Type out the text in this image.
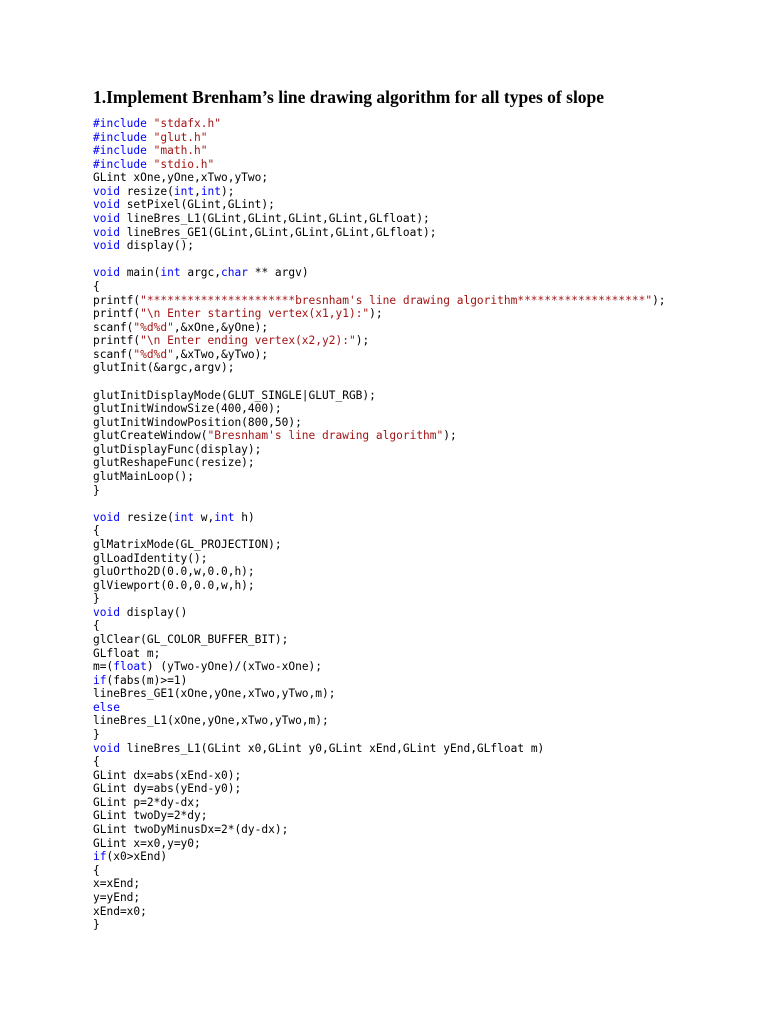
1.Implement Brenham’s line drawing algorithm for all types of slope
#include "stdafx.h"
#include "glut.h"
#include "math.h"
#include "stdio.h"
GLint xOne,yOne,xTwo,yTwo;
void resize(int,int);
void setPixel(GLint,GLint);
void lineBres_L1(GLint,GLint,GLint,GLint,GLfloat);
void lineBres_GE1(GLint,GLint,GLint,GLint,GLfloat);
void display();
void main(int argc,char ** argv)
{
printf("**********************bresnham's line drawing algorithm*******************");
printf("\n Enter starting vertex(x1,y1):");
scanf("%d%d",&xOne,&yOne);
printf("\n Enter ending vertex(x2,y2):");
scanf("%d%d",&xTwo,&yTwo);
glutInit(&argc,argv);
glutInitDisplayMode(GLUT_SINGLE|GLUT_RGB);
glutInitWindowSize(400,400);
glutInitWindowPosition(800,50);
glutCreateWindow("Bresnham's line drawing algorithm");
glutDisplayFunc(display);
glutReshapeFunc(resize);
glutMainLoop();
}
void resize(int w,int h)
{
glMatrixMode(GL_PROJECTION);
glLoadIdentity();
gluOrtho2D(0.0,w,0.0,h);
glViewport(0.0,0.0,w,h);
}
void display()
{
glClear(GL_COLOR_BUFFER_BIT);
GLfloat m;
m=(float) (yTwo-yOne)/(xTwo-xOne);
if(fabs(m)>=1)
lineBres_GE1(xOne,yOne,xTwo,yTwo,m);
else
lineBres_L1(xOne,yOne,xTwo,yTwo,m);
}
void lineBres_L1(GLint x0,GLint y0,GLint xEnd,GLint yEnd,GLfloat m)
{
GLint dx=abs(xEnd-x0);
GLint dy=abs(yEnd-y0);
GLint p=2*dy-dx;
GLint twoDy=2*dy;
GLint twoDyMinusDx=2*(dy-dx);
GLint x=x0,y=y0;
if(x0>xEnd)
{
x=xEnd;
y=yEnd;
xEnd=x0;
}
